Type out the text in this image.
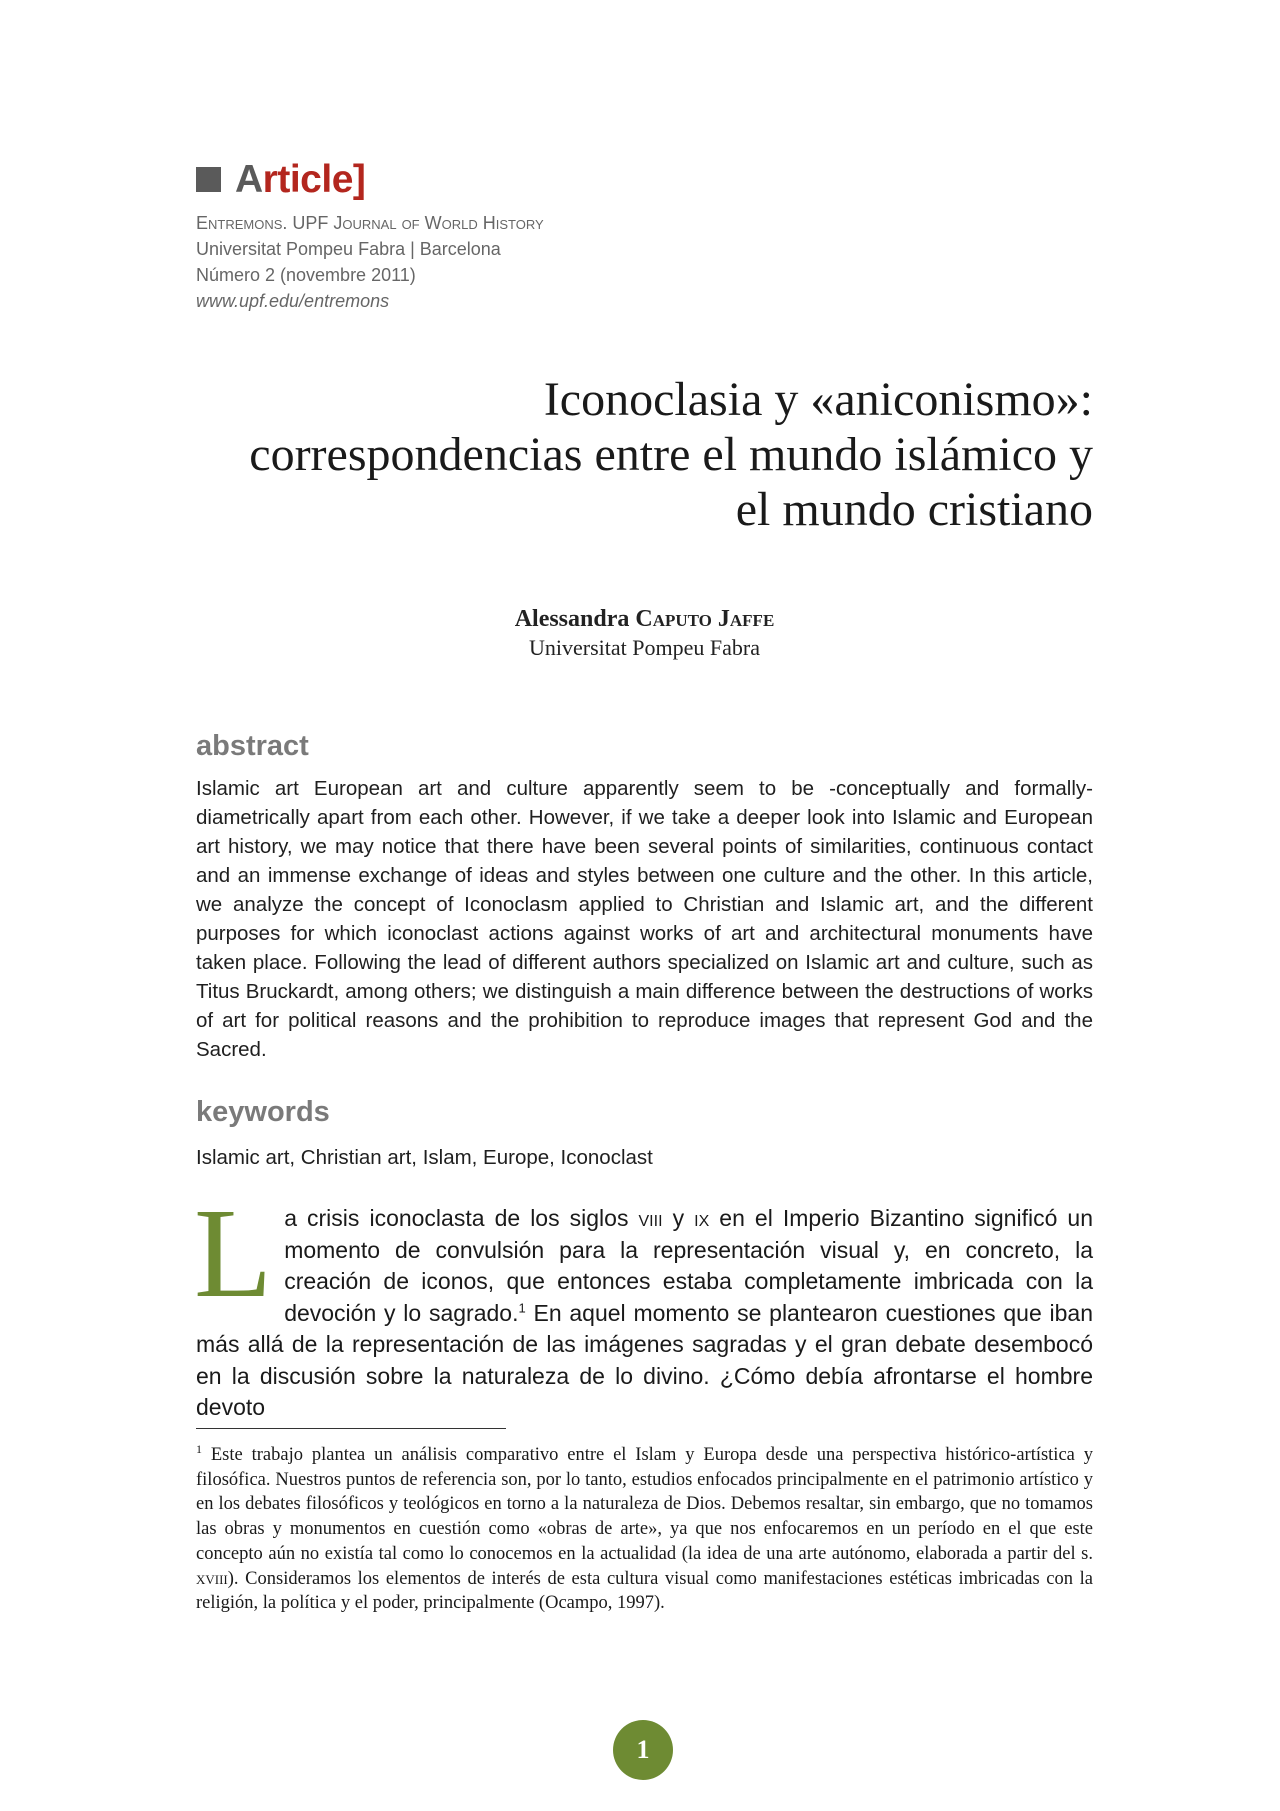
Article]
Entremons. UPF Journal of World History
Universitat Pompeu Fabra | Barcelona
Número 2 (novembre 2011)
www.upf.edu/entremons
Iconoclasia y «aniconismo»:
correspondencias entre el mundo islámico y
el mundo cristiano
Alessandra Caputo Jaffe
Universitat Pompeu Fabra
abstract
Islamic art European art and culture apparently seem to be -conceptually and formally- diametrically apart from each other. However, if we take a deeper look into Islamic and European art history, we may notice that there have been several points of similarities, continuous contact and an immense exchange of ideas and styles between one culture and the other. In this article, we analyze the concept of Iconoclasm applied to Christian and Islamic art, and the different purposes for which iconoclast actions against works of art and architectural monuments have taken place. Following the lead of different authors specialized on Islamic art and culture, such as Titus Bruckardt, among others; we distinguish a main difference between the destructions of works of art for political reasons and the prohibition to reproduce images that represent God and the Sacred.
keywords
Islamic art, Christian art, Islam, Europe, Iconoclast
La crisis iconoclasta de los siglos viii y ix en el Imperio Bizantino significó un momento de convulsión para la representación visual y, en concreto, la creación de iconos, que entonces estaba completamente imbricada con la devoción y lo sagrado.$^1$ En aquel momento se plantearon cuestiones que iban más allá de la representación de las imágenes sagradas y el gran debate desembocó en la discusión sobre la naturaleza de lo divino. ¿Cómo debía afrontarse el hombre devoto
$^1$ Este trabajo plantea un análisis comparativo entre el Islam y Europa desde una perspectiva histórico-artística y filosófica. Nuestros puntos de referencia son, por lo tanto, estudios enfocados principalmente en el patrimonio artístico y en los debates filosóficos y teológicos en torno a la naturaleza de Dios. Debemos resaltar, sin embargo, que no tomamos las obras y monumentos en cuestión como «obras de arte», ya que nos enfocaremos en un período en el que este concepto aún no existía tal como lo conocemos en la actualidad (la idea de una arte autónomo, elaborada a partir del s. xviii). Consideramos los elementos de interés de esta cultura visual como manifestaciones estéticas imbricadas con la religión, la política y el poder, principalmente (Ocampo, 1997).
1
